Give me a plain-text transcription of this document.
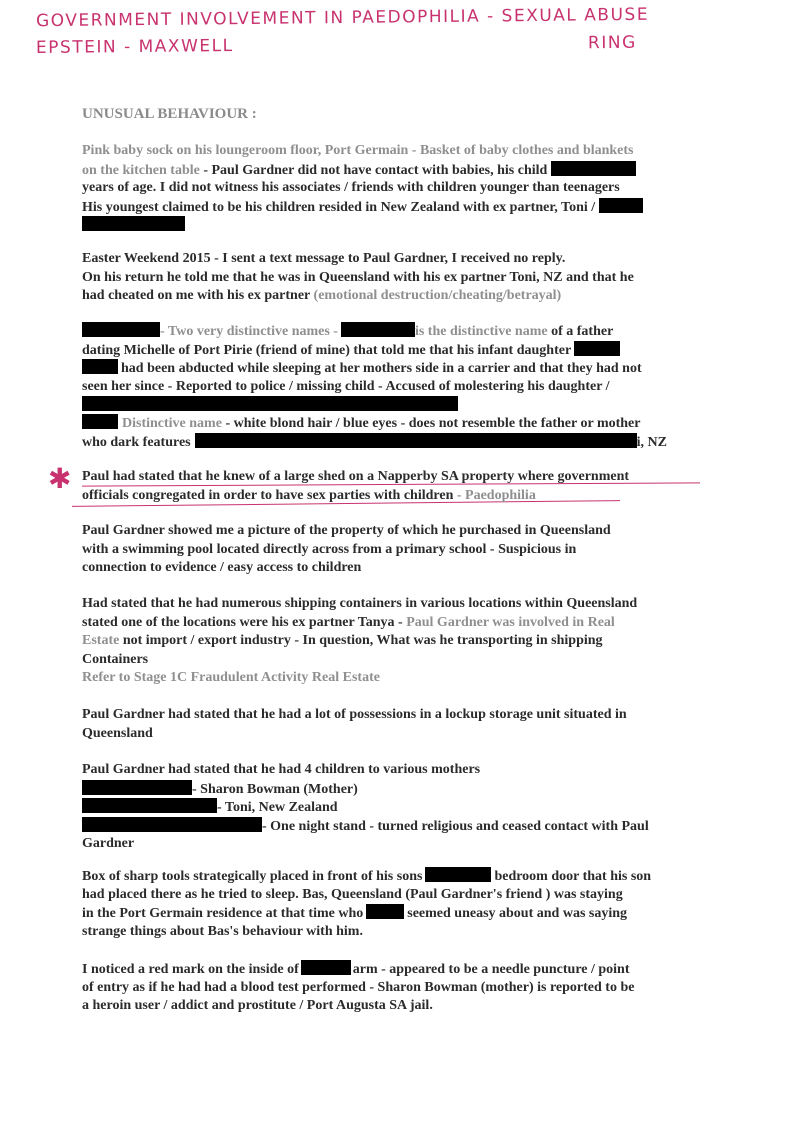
GOVERNMENT INVOLVEMENT IN PAEDOPHILIA - SEXUAL ABUSE
EPSTEIN - MAXWELL	RING
UNUSUAL BEHAVIOUR :
Pink baby sock on his loungeroom floor, Port Germain - Basket of baby clothes and blankets
on the kitchen table - Paul Gardner did not have contact with babies, his child
years of age. I did not witness his associates / friends with children younger than teenagers
His youngest claimed to be his children resided in New Zealand with ex partner, Toni /
Easter Weekend 2015 - I sent a text message to Paul Gardner, I received no reply.
On his return he told me that he was in Queensland with his ex partner Toni, NZ and that he
had cheated on me with his ex partner (emotional destruction/cheating/betrayal)
- Two very distinctive names -	is the distinctive name of a father
dating Michelle of Port Pirie (friend of mine) that told me that his infant daughter
had been abducted while sleeping at her mothers side in a carrier and that they had not
seen her since - Reported to police / missing child - Accused of molestering his daughter /
Distinctive name - white blond hair / blue eyes - does not resemble the father or mother
who dark features	i, NZ
✱ Paul had stated that he knew of a large shed on a Napperby SA property where government
officials congregated in order to have sex parties with children - Paedophilia
Paul Gardner showed me a picture of the property of which he purchased in Queensland
with a swimming pool located directly across from a primary school - Suspicious in
connection to evidence / easy access to children
Had stated that he had numerous shipping containers in various locations within Queensland
stated one of the locations were his ex partner Tanya - Paul Gardner was involved in Real
Estate not import / export industry - In question, What was he transporting in shipping
Containers
Refer to Stage 1C Fraudulent Activity Real Estate
Paul Gardner had stated that he had a lot of possessions in a lockup storage unit situated in
Queensland
Paul Gardner had stated that he had 4 children to various mothers
- Sharon Bowman (Mother)
- Toni, New Zealand
- One night stand - turned religious and ceased contact with Paul
Gardner
Box of sharp tools strategically placed in front of his sons	bedroom door that his son
had placed there as he tried to sleep. Bas, Queensland (Paul Gardner's friend ) was staying
in the Port Germain residence at that time who	seemed uneasy about and was saying
strange things about Bas's behaviour with him.
I noticed a red mark on the inside of	arm - appeared to be a needle puncture / point
of entry as if he had had a blood test performed - Sharon Bowman (mother) is reported to be
a heroin user / addict and prostitute / Port Augusta SA jail.
